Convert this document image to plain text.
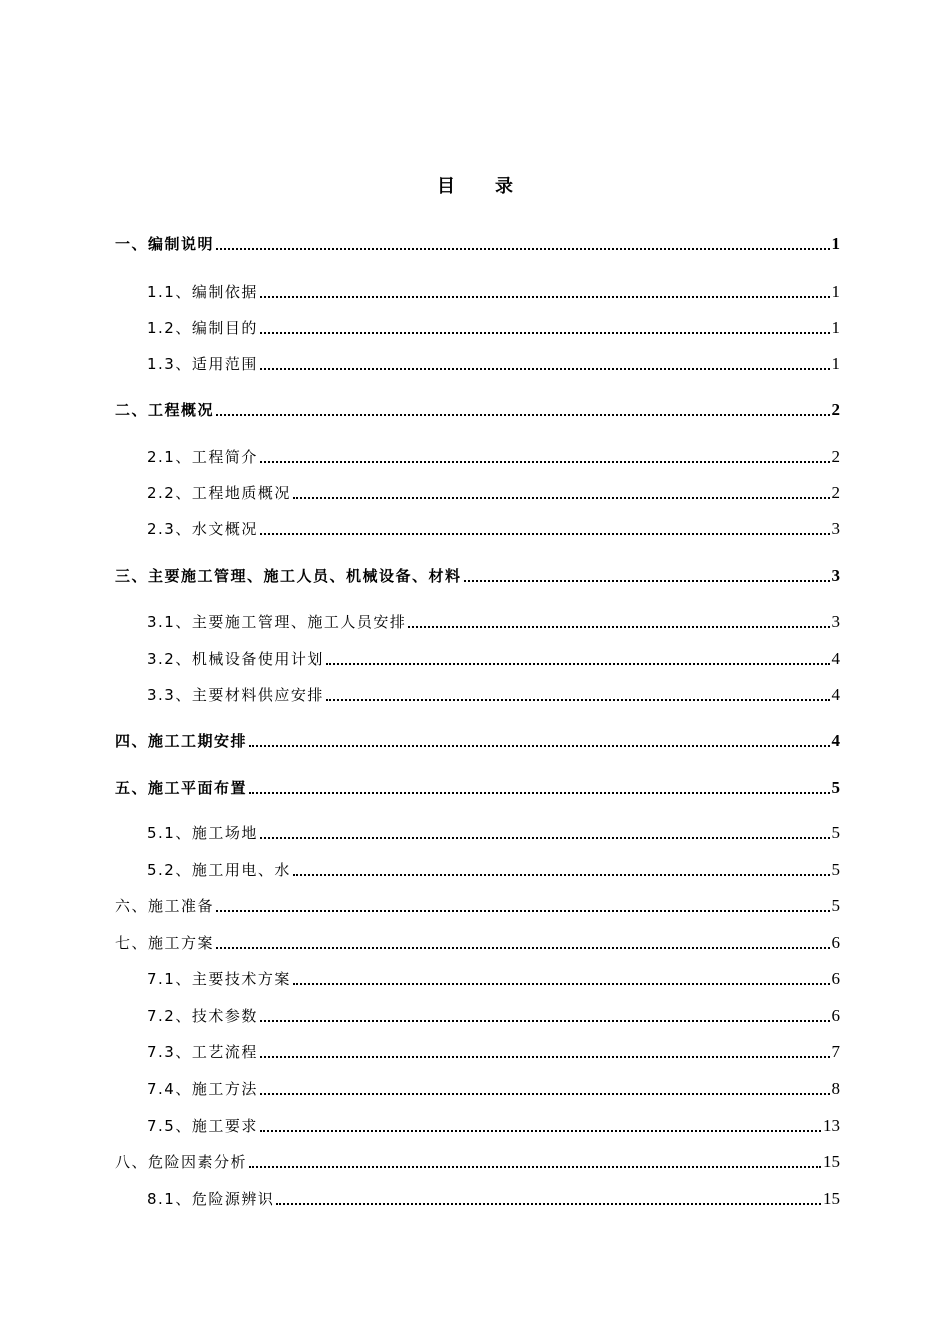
目录
一、编制说明	1
1.1、编制依据	1
1.2、编制目的	1
1.3、适用范围	1
二、工程概况	2
2.1、工程简介	2
2.2、工程地质概况	2
2.3、水文概况	3
三、主要施工管理、施工人员、机械设备、材料	3
3.1、主要施工管理、施工人员安排	3
3.2、机械设备使用计划	4
3.3、主要材料供应安排	4
四、施工工期安排	4
五、施工平面布置	5
5.1、施工场地	5
5.2、施工用电、水	5
六、施工准备	5
七、施工方案	6
7.1、主要技术方案	6
7.2、技术参数	6
7.3、工艺流程	7
7.4、施工方法	8
7.5、施工要求	13
八、危险因素分析	15
8.1、危险源辨识	15
